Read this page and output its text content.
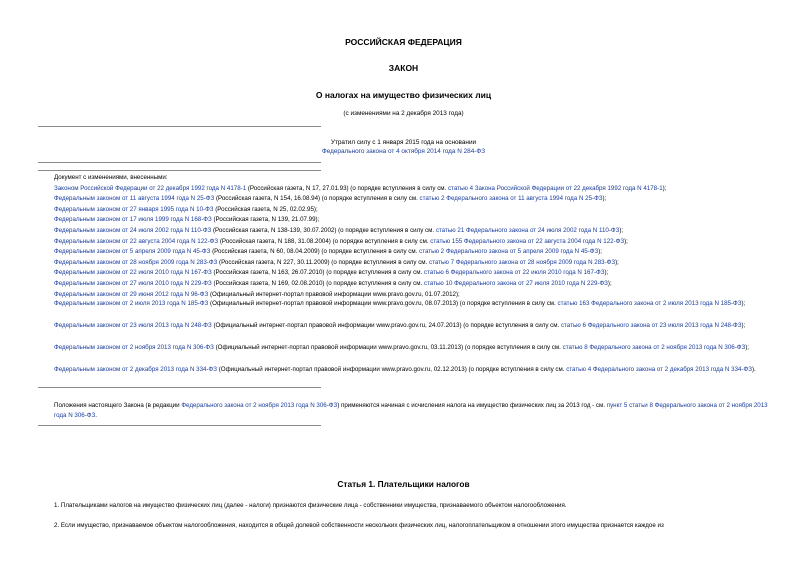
РОССИЙСКАЯ ФЕДЕРАЦИЯ
ЗАКОН
О налогах на имущество физических лиц
(с изменениями на 2 декабря 2013 года)
Утратил силу с 1 января 2015 года на основании
Федерального закона от 4 октября 2014 года N 284-ФЗ
Документ с изменениями, внесенными:
Законом Российской Федерации от 22 декабря 1992 года N 4178-1 (Российская газета, N 17, 27.01.93) (о порядке вступления в силу см. статью 4 Закона Российской Федерации от 22 декабря 1992 года N 4178-1);
Федеральным законом от 11 августа 1994 года N 25-ФЗ (Российская газета, N 154, 16.08.94) (о порядке вступления в силу см. статью 2 Федерального закона от 11 августа 1994 года N 25-ФЗ);
Федеральным законом от 27 января 1995 года N 10-ФЗ (Российская газета, N 25, 02.02.95);
Федеральным законом от 17 июля 1999 года N 168-ФЗ (Российская газета, N 139, 21.07.99);
Федеральным законом от 24 июля 2002 года N 110-ФЗ (Российская газета, N 138-139, 30.07.2002) (о порядке вступления в силу см. статью 21 Федерального закона от 24 июля 2002 года N 110-ФЗ);
Федеральным законом от 22 августа 2004 года N 122-ФЗ (Российская газета, N 188, 31.08.2004) (о порядке вступления в силу см. статью 155 Федерального закона от 22 августа 2004 года N 122-ФЗ);
Федеральным законом от 5 апреля 2009 года N 45-ФЗ (Российская газета, N 60, 08.04.2009) (о порядке вступления в силу см. статью 2 Федерального закона от 5 апреля 2009 года N 45-ФЗ);
Федеральным законом от 28 ноября 2009 года N 283-ФЗ (Российская газета, N 227, 30.11.2009) (о порядке вступления в силу см. статью 7 Федерального закона от 28 ноября 2009 года N 283-ФЗ);
Федеральным законом от 22 июля 2010 года N 167-ФЗ (Российская газета, N 163, 26.07.2010) (о порядке вступления в силу см. статью 6 Федерального закона от 22 июля 2010 года N 167-ФЗ);
Федеральным законом от 27 июля 2010 года N 229-ФЗ (Российская газета, N 169, 02.08.2010) (о порядке вступления в силу см. статью 10 Федерального закона от 27 июля 2010 года N 229-ФЗ);
Федеральным законом от 29 июня 2012 года N 96-ФЗ (Официальный интернет-портал правовой информации www.pravo.gov.ru, 01.07.2012);
Федеральным законом от 2 июля 2013 года N 185-ФЗ (Официальный интернет-портал правовой информации www.pravo.gov.ru, 08.07.2013) (о порядке вступления в силу см. статью 163 Федерального закона от 2 июля 2013 года N 185-ФЗ);
Федеральным законом от 23 июля 2013 года N 248-ФЗ (Официальный интернет-портал правовой информации www.pravo.gov.ru, 24.07.2013) (о порядке вступления в силу см. статью 6 Федерального закона от 23 июля 2013 года N 248-ФЗ);
Федеральным законом от 2 ноября 2013 года N 306-ФЗ (Официальный интернет-портал правовой информации www.pravo.gov.ru, 03.11.2013) (о порядке вступления в силу см. статью 8 Федерального закона от 2 ноября 2013 года N 306-ФЗ);
Федеральным законом от 2 декабря 2013 года N 334-ФЗ (Официальный интернет-портал правовой информации www.pravo.gov.ru, 02.12.2013) (о порядке вступления в силу см. статью 4 Федерального закона от 2 декабря 2013 года N 334-ФЗ).
Положения настоящего Закона (в редакции Федерального закона от 2 ноября 2013 года N 306-ФЗ) применяются начиная с исчисления налога на имущество физических лиц за 2013 год - см. пункт 5 статьи 8 Федерального закона от 2 ноября 2013 года N 306-ФЗ.
Статья 1. Плательщики налогов
1. Плательщиками налогов на имущество физических лиц (далее - налоги) признаются физические лица - собственники имущества, признаваемого объектом налогообложения.
2. Если имущество, признаваемое объектом налогообложения, находится в общей долевой собственности нескольких физических лиц, налогоплательщиком в отношении этого имущества признается каждое из
